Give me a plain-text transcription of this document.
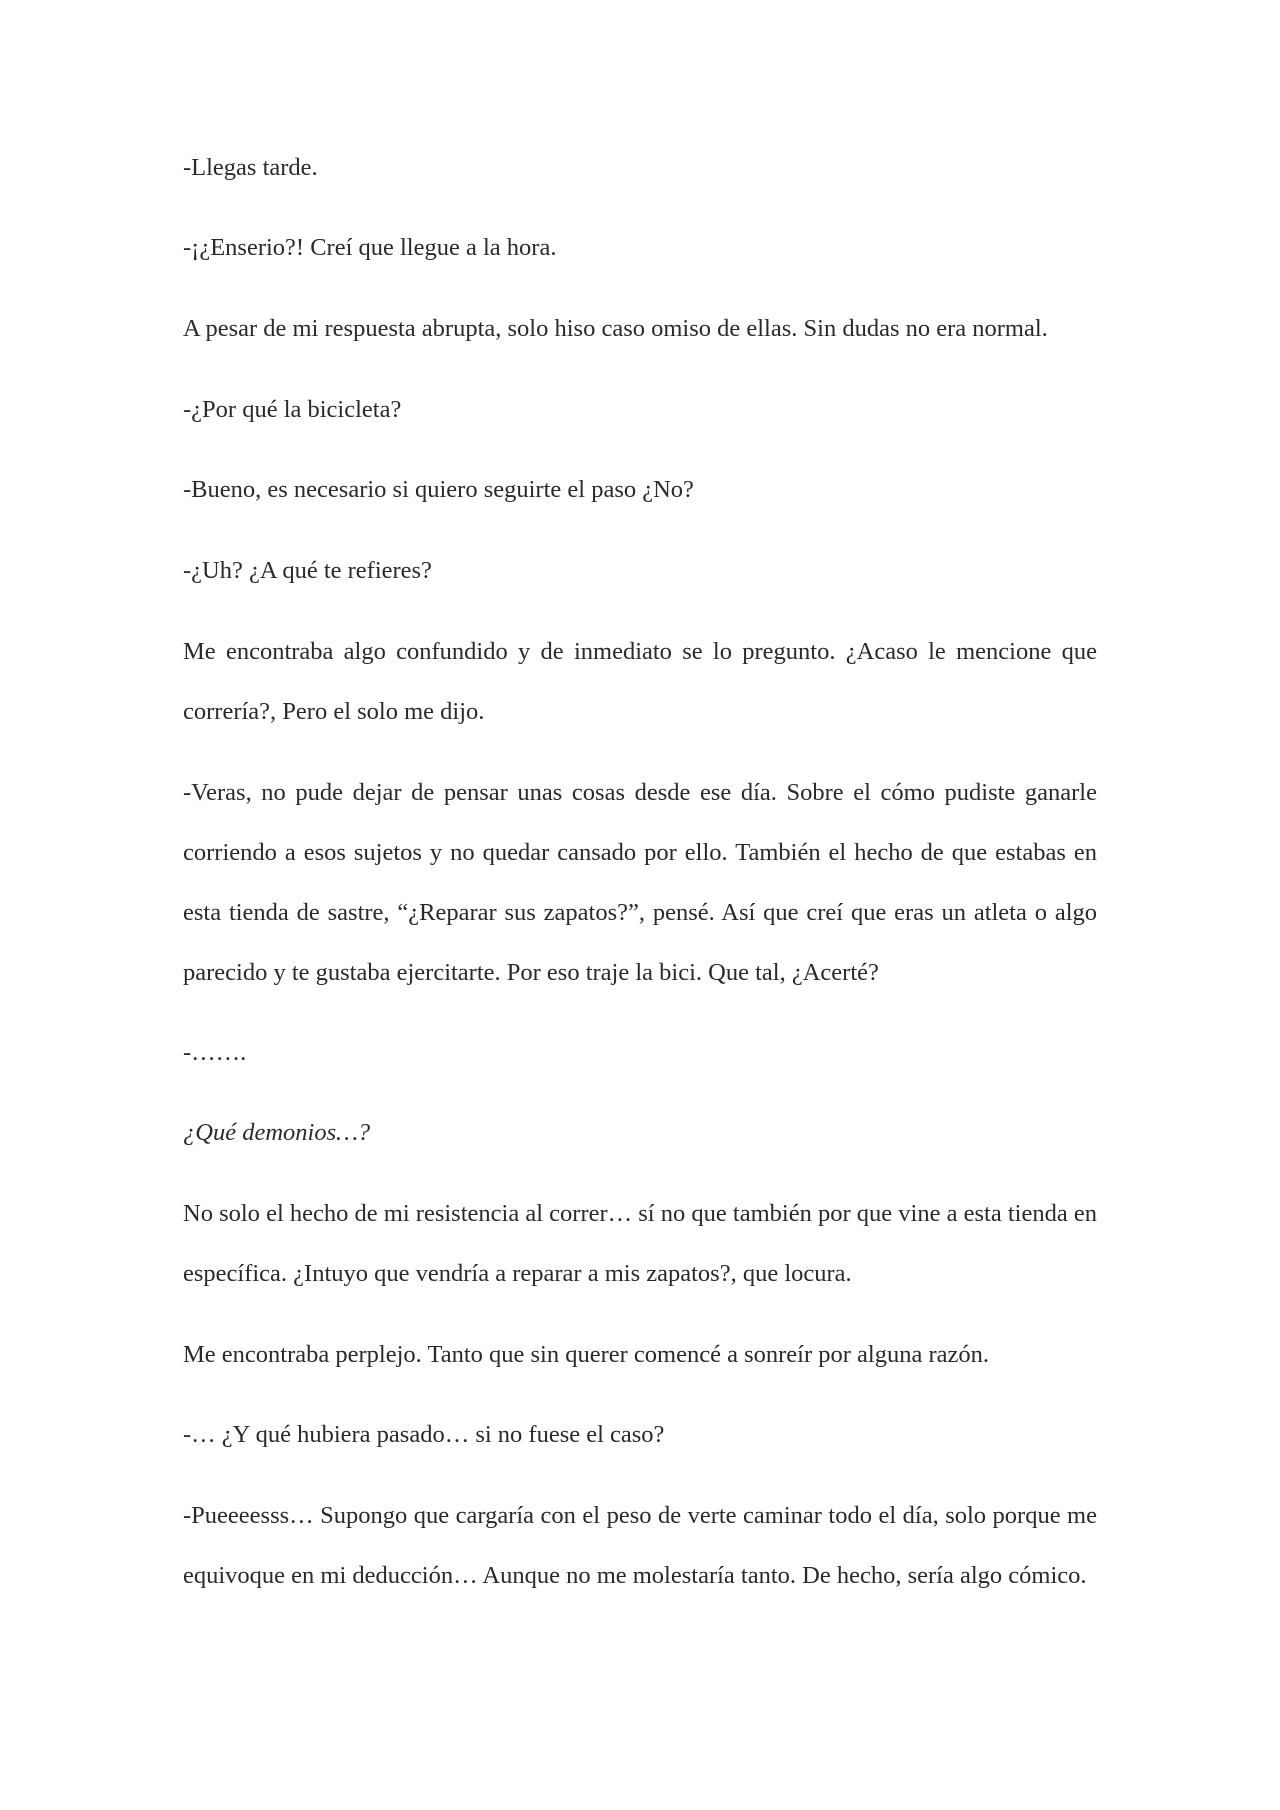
-Llegas tarde.

-¡¿Enserio?! Creí que llegue a la hora.

A pesar de mi respuesta abrupta, solo hiso caso omiso de ellas. Sin dudas no era normal.

-¿Por qué la bicicleta?

-Bueno, es necesario si quiero seguirte el paso ¿No?

-¿Uh? ¿A qué te refieres?

Me encontraba algo confundido y de inmediato se lo pregunto. ¿Acaso le mencione que correría?, Pero el solo me dijo.

-Veras, no pude dejar de pensar unas cosas desde ese día. Sobre el cómo pudiste ganarle corriendo a esos sujetos y no quedar cansado por ello. También el hecho de que estabas en esta tienda de sastre, “¿Reparar sus zapatos?”, pensé. Así que creí que eras un atleta o algo parecido y te gustaba ejercitarte. Por eso traje la bici. Que tal, ¿Acerté?

-…….

¿Qué demonios…?

No solo el hecho de mi resistencia al correr… sí no que también por que vine a esta tienda en específica. ¿Intuyo que vendría a reparar a mis zapatos?, que locura.

Me encontraba perplejo. Tanto que sin querer comencé a sonreír por alguna razón.

-… ¿Y qué hubiera pasado… si no fuese el caso?

-Pueeeesss… Supongo que cargaría con el peso de verte caminar todo el día, solo porque me equivoque en mi deducción… Aunque no me molestaría tanto. De hecho, sería algo cómico.
